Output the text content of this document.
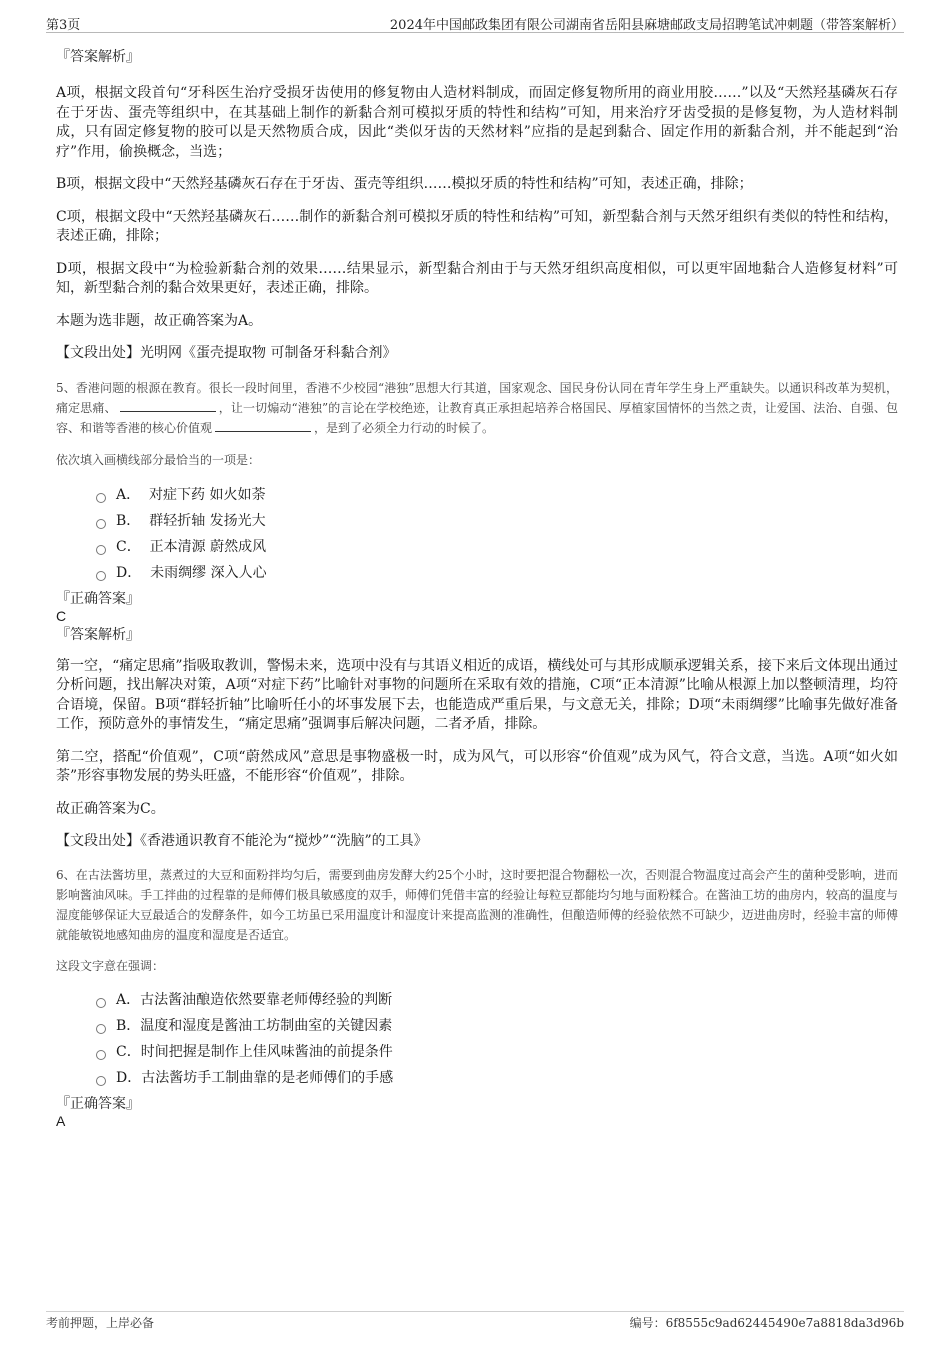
第3页	2024年中国邮政集团有限公司湖南省岳阳县麻塘邮政支局招聘笔试冲刺题（带答案解析）
『答案解析』

A项，根据文段首句“牙科医生治疗受损牙齿使用的修复物由人造材料制成，而固定修复物所用的商业用胶……”以及“天然羟基磷灰石存在于牙齿、蛋壳等组织中，在其基础上制作的新黏合剂可模拟牙质的特性和结构”可知，用来治疗牙齿受损的是修复物，为人造材料制成，只有固定修复物的胶可以是天然物质合成，因此“类似牙齿的天然材料”应指的是起到黏合、固定作用的新黏合剂，并不能起到“治疗”作用，偷换概念，当选；

B项，根据文段中“天然羟基磷灰石存在于牙齿、蛋壳等组织……模拟牙质的特性和结构”可知，表述正确，排除；

C项，根据文段中“天然羟基磷灰石……制作的新黏合剂可模拟牙质的特性和结构”可知，新型黏合剂与天然牙组织有类似的特性和结构，表述正确，排除；

D项，根据文段中“为检验新黏合剂的效果……结果显示，新型黏合剂由于与天然牙组织高度相似，可以更牢固地黏合人造修复材料”可知，新型黏合剂的黏合效果更好，表述正确，排除。

本题为选非题，故正确答案为A。

【文段出处】光明网《蛋壳提取物 可制备牙科黏合剂》

5、香港问题的根源在教育。很长一段时间里，香港不少校园“港独”思想大行其道，国家观念、国民身份认同在青年学生身上严重缺失。以通识科改革为契机，痛定思痛、	，让一切煽动“港独”的言论在学校绝迹，让教育真正承担起培养合格国民、厚植家国情怀的当然之责，让爱国、法治、自强、包容、和谐等香港的核心价值观	，是到了必须全力行动的时候了。

依次填入画横线部分最恰当的一项是：
A．
对症下药 如火如荼
B．
群轻折轴 发扬光大
C．
正本清源 蔚然成风
D．
未雨绸缪 深入人心
『正确答案』
C
『答案解析』

第一空，“痛定思痛”指吸取教训，警惕未来，选项中没有与其语义相近的成语，横线处可与其形成顺承逻辑关系，接下来后文体现出通过分析问题，找出解决对策，A项“对症下药”比喻针对事物的问题所在采取有效的措施，C项“正本清源”比喻从根源上加以整顿清理，均符合语境，保留。B项“群轻折轴”比喻听任小的坏事发展下去，也能造成严重后果，与文意无关，排除；D项“未雨绸缪”比喻事先做好准备工作，预防意外的事情发生，“痛定思痛”强调事后解决问题，二者矛盾，排除。

第二空，搭配“价值观”，C项“蔚然成风”意思是事物盛极一时，成为风气，可以形容“价值观”成为风气，符合文意，当选。A项“如火如荼”形容事物发展的势头旺盛，不能形容“价值观”，排除。

故正确答案为C。

【文段出处】《香港通识教育不能沦为“搅炒”“洗脑”的工具》

6、在古法酱坊里，蒸煮过的大豆和面粉拌均匀后，需要到曲房发酵大约25个小时，这时要把混合物翻松一次，否则混合物温度过高会产生的菌种受影响，进而影响酱油风味。手工拌曲的过程靠的是师傅们极具敏感度的双手，师傅们凭借丰富的经验让每粒豆都能均匀地与面粉糅合。在酱油工坊的曲房内，较高的温度与湿度能够保证大豆最适合的发酵条件，如今工坊虽已采用温度计和湿度计来提高监测的准确性，但酿造师傅的经验依然不可缺少，迈进曲房时，经验丰富的师傅就能敏锐地感知曲房的温度和湿度是否适宜。

这段文字意在强调：
A． 古法酱油酿造依然要靠老师傅经验的判断
B． 温度和湿度是酱油工坊制曲室的关键因素
C． 时间把握是制作上佳风味酱油的前提条件
D． 古法酱坊手工制曲靠的是老师傅们的手感
『正确答案』
A
考前押题，上岸必备	编号：6f8555c9ad62445490e7a8818da3d96b
